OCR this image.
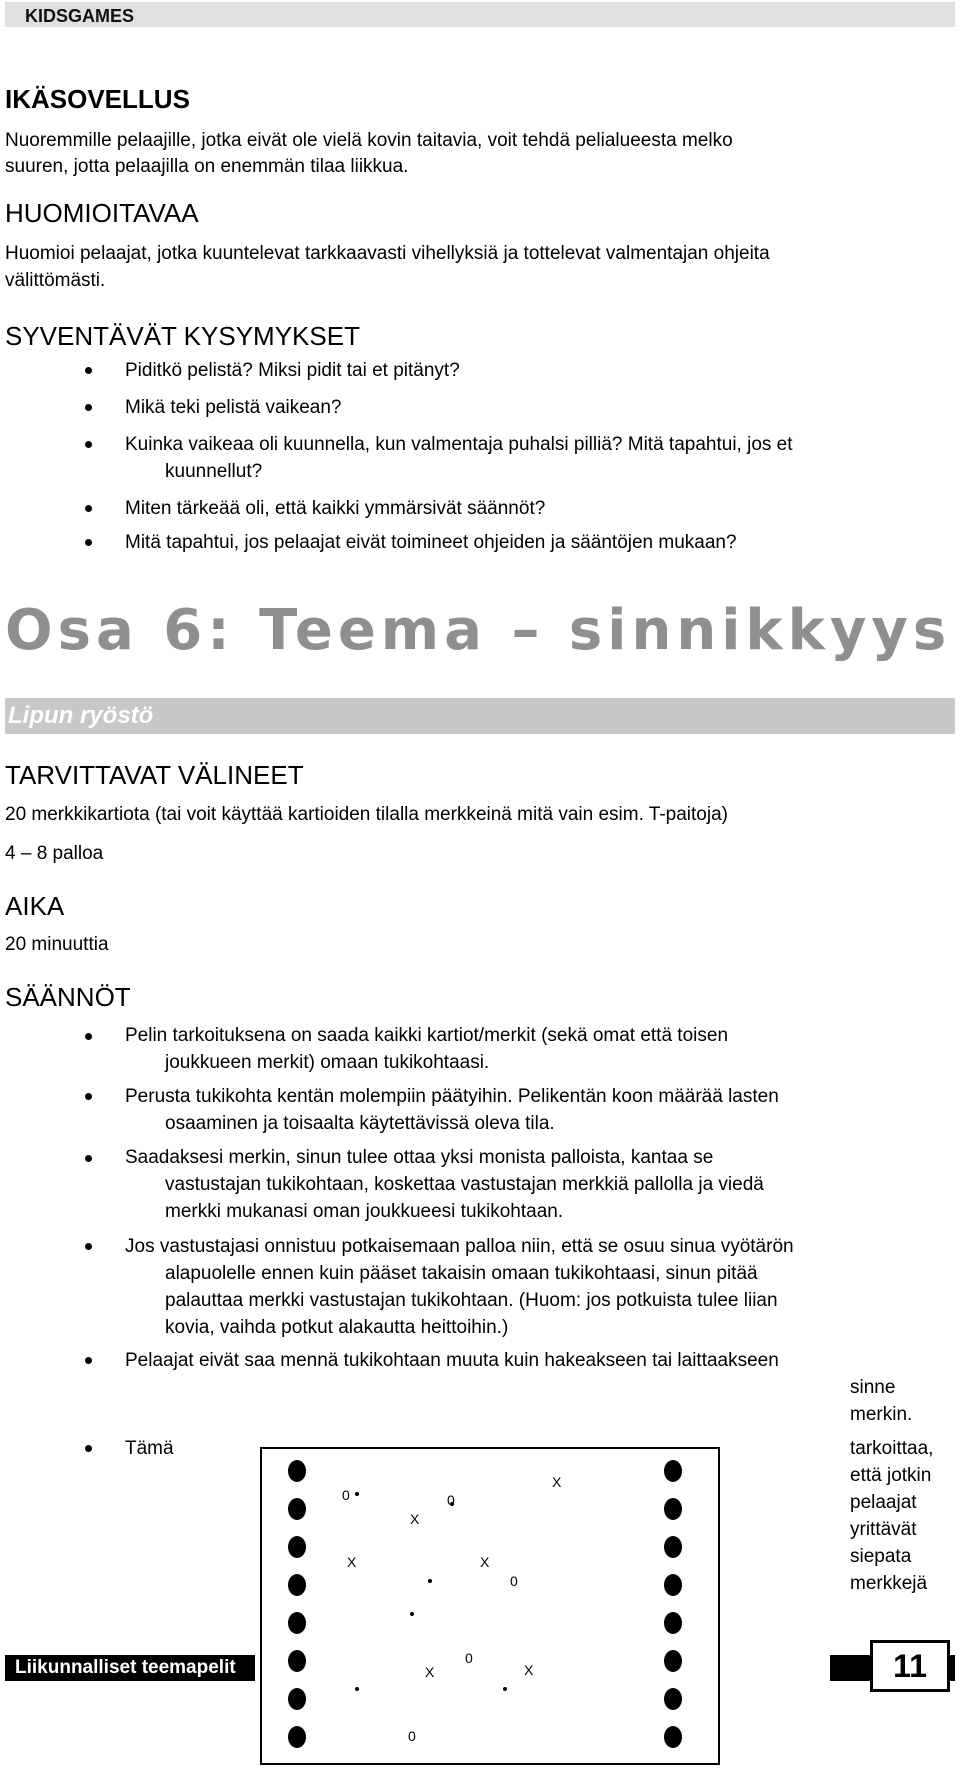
KIDSGAMES
IKÄSOVELLUS

Nuoremmille pelaajille, jotka eivät ole vielä kovin taitavia, voit tehdä pelialueesta melko

suuren, jotta pelaajilla on enemmän tilaa liikkua.

HUOMIOITAVAA

Huomioi pelaajat, jotka kuuntelevat tarkkaavasti vihellyksiä ja tottelevat valmentajan ohjeita

välittömästi.

SYVENTÄVÄT KYSYMYKSET
Piditkö pelistä? Miksi pidit tai et pitänyt?
Mikä teki pelistä vaikean?
Kuinka vaikeaa oli kuunnella, kun valmentaja puhalsi pilliä? Mitä tapahtui, jos et
kuunnellut?
Miten tärkeää oli, että kaikki ymmärsivät säännöt?
Mitä tapahtui, jos pelaajat eivät toimineet ohjeiden ja sääntöjen mukaan?
Osa 6: Teema – sinnikkyys
Lipun ryöstö
TARVITTAVAT VÄLINEET

20 merkkikartiota (tai voit käyttää kartioiden tilalla merkkeinä mitä vain esim. T-paitoja)

4 – 8 palloa

AIKA

20 minuuttia

SÄÄNNÖT
Pelin tarkoituksena on saada kaikki kartiot/merkit (sekä omat että toisen
joukkueen merkit) omaan tukikohtaasi.
Perusta tukikohta kentän molempiin päätyihin. Pelikentän koon määrää lasten
osaaminen ja toisaalta käytettävissä oleva tila.
Saadaksesi merkin, sinun tulee ottaa yksi monista palloista, kantaa se
vastustajan tukikohtaan, koskettaa vastustajan merkkiä pallolla ja viedä
merkki mukanasi oman joukkueesi tukikohtaan.
Jos vastustajasi onnistuu potkaisemaan palloa niin, että se osuu sinua vyötärön
alapuolelle ennen kuin pääset takaisin omaan tukikohtaasi, sinun pitää
palauttaa merkki vastustajan tukikohtaan. (Huom: jos potkuista tulee liian
kovia, vaihda potkut alakautta heittoihin.)
Pelaajat eivät saa mennä tukikohtaan muuta kuin hakeakseen tai laittaakseen
sinne
merkin.
Tämä	tarkoittaa,
että jotkin
pelaajat
yrittävät
siepata
merkkejä
Liikunnalliset teemapelit	11
0	0
0
0
0
X
X
X	X
X	X
